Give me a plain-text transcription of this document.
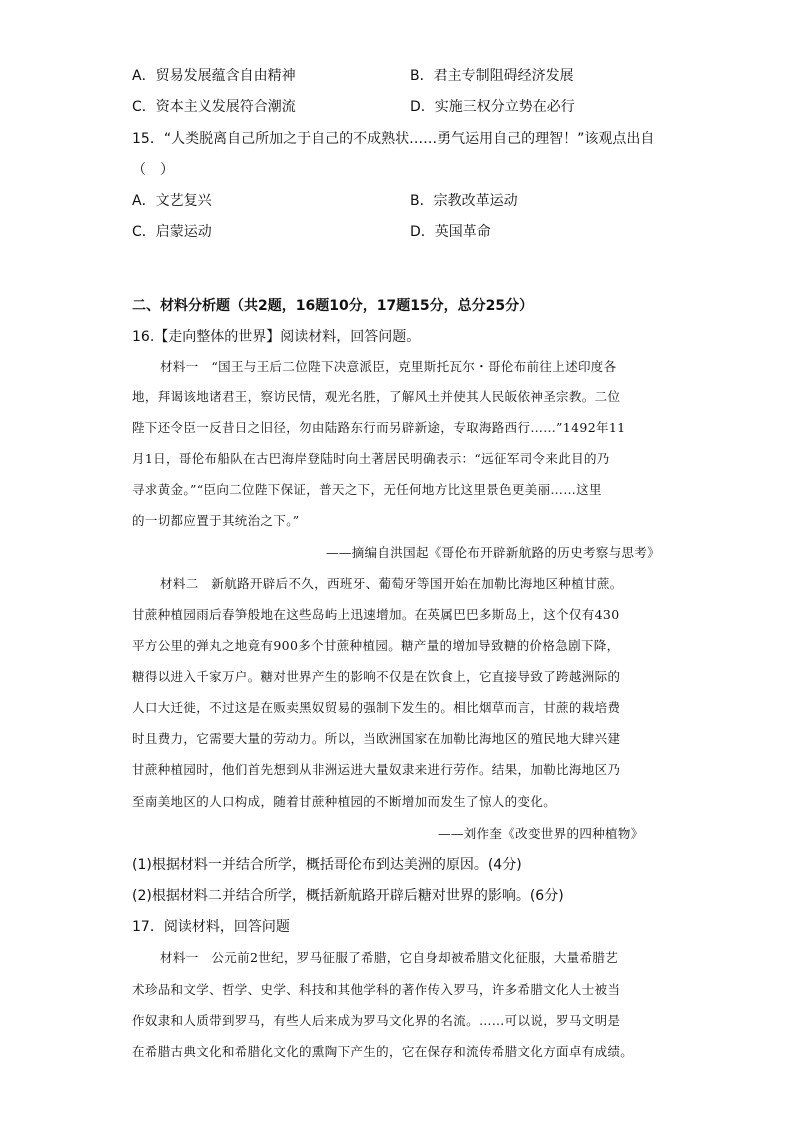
A．贸易发展蕴含自由精神	B．君主专制阻碍经济发展
C．资本主义发展符合潮流	D．实施三权分立势在必行
15．“人类脱离自己所加之于自己的不成熟状……勇气运用自己的理智！”该观点出自
（　）
A．文艺复兴	B．宗教改革运动
C．启蒙运动	D．英国革命
二、材料分析题（共2题，16题10分，17题15分，总分25分）
16.【走向整体的世界】阅读材料，回答问题。
材料一　“国王与王后二位陛下决意派臣，克里斯托瓦尔・哥伦布前往上述印度各
地，拜谒该地诸君王，察访民情，观光名胜，了解风土并使其人民皈依神圣宗教。二位
陛下还令臣一反昔日之旧径，勿由陆路东行而另辟新途，专取海路西行……”1492年11
月1日，哥伦布船队在古巴海岸登陆时向土著居民明确表示：“远征军司令来此目的乃
寻求黄金。”“臣向二位陛下保证，普天之下，无任何地方比这里景色更美丽……这里
的一切都应置于其统治之下。”
——摘编自洪国起《哥伦布开辟新航路的历史考察与思考》
材料二　新航路开辟后不久，西班牙、葡萄牙等国开始在加勒比海地区种植甘蔗。
甘蔗种植园雨后春笋般地在这些岛屿上迅速增加。在英属巴巴多斯岛上，这个仅有430
平方公里的弹丸之地竟有900多个甘蔗种植园。糖产量的增加导致糖的价格急剧下降，
糖得以进入千家万户。糖对世界产生的影响不仅是在饮食上，它直接导致了跨越洲际的
人口大迁徙，不过这是在贩卖黑奴贸易的强制下发生的。相比烟草而言，甘蔗的栽培费
时且费力，它需要大量的劳动力。所以，当欧洲国家在加勒比海地区的殖民地大肆兴建
甘蔗种植园时，他们首先想到从非洲运进大量奴隶来进行劳作。结果，加勒比海地区乃
至南美地区的人口构成，随着甘蔗种植园的不断增加而发生了惊人的变化。
——刘作奎《改变世界的四种植物》
(1)根据材料一并结合所学，概括哥伦布到达美洲的原因。(4分)
(2)根据材料二并结合所学，概括新航路开辟后糖对世界的影响。(6分)
17．阅读材料，回答问题
材料一　公元前2世纪，罗马征服了希腊，它自身却被希腊文化征服，大量希腊艺
术珍品和文学、哲学、史学、科技和其他学科的著作传入罗马，许多希腊文化人士被当
作奴隶和人质带到罗马，有些人后来成为罗马文化界的名流。……可以说，罗马文明是
在希腊古典文化和希腊化文化的熏陶下产生的，它在保存和流传希腊文化方面卓有成绩。
